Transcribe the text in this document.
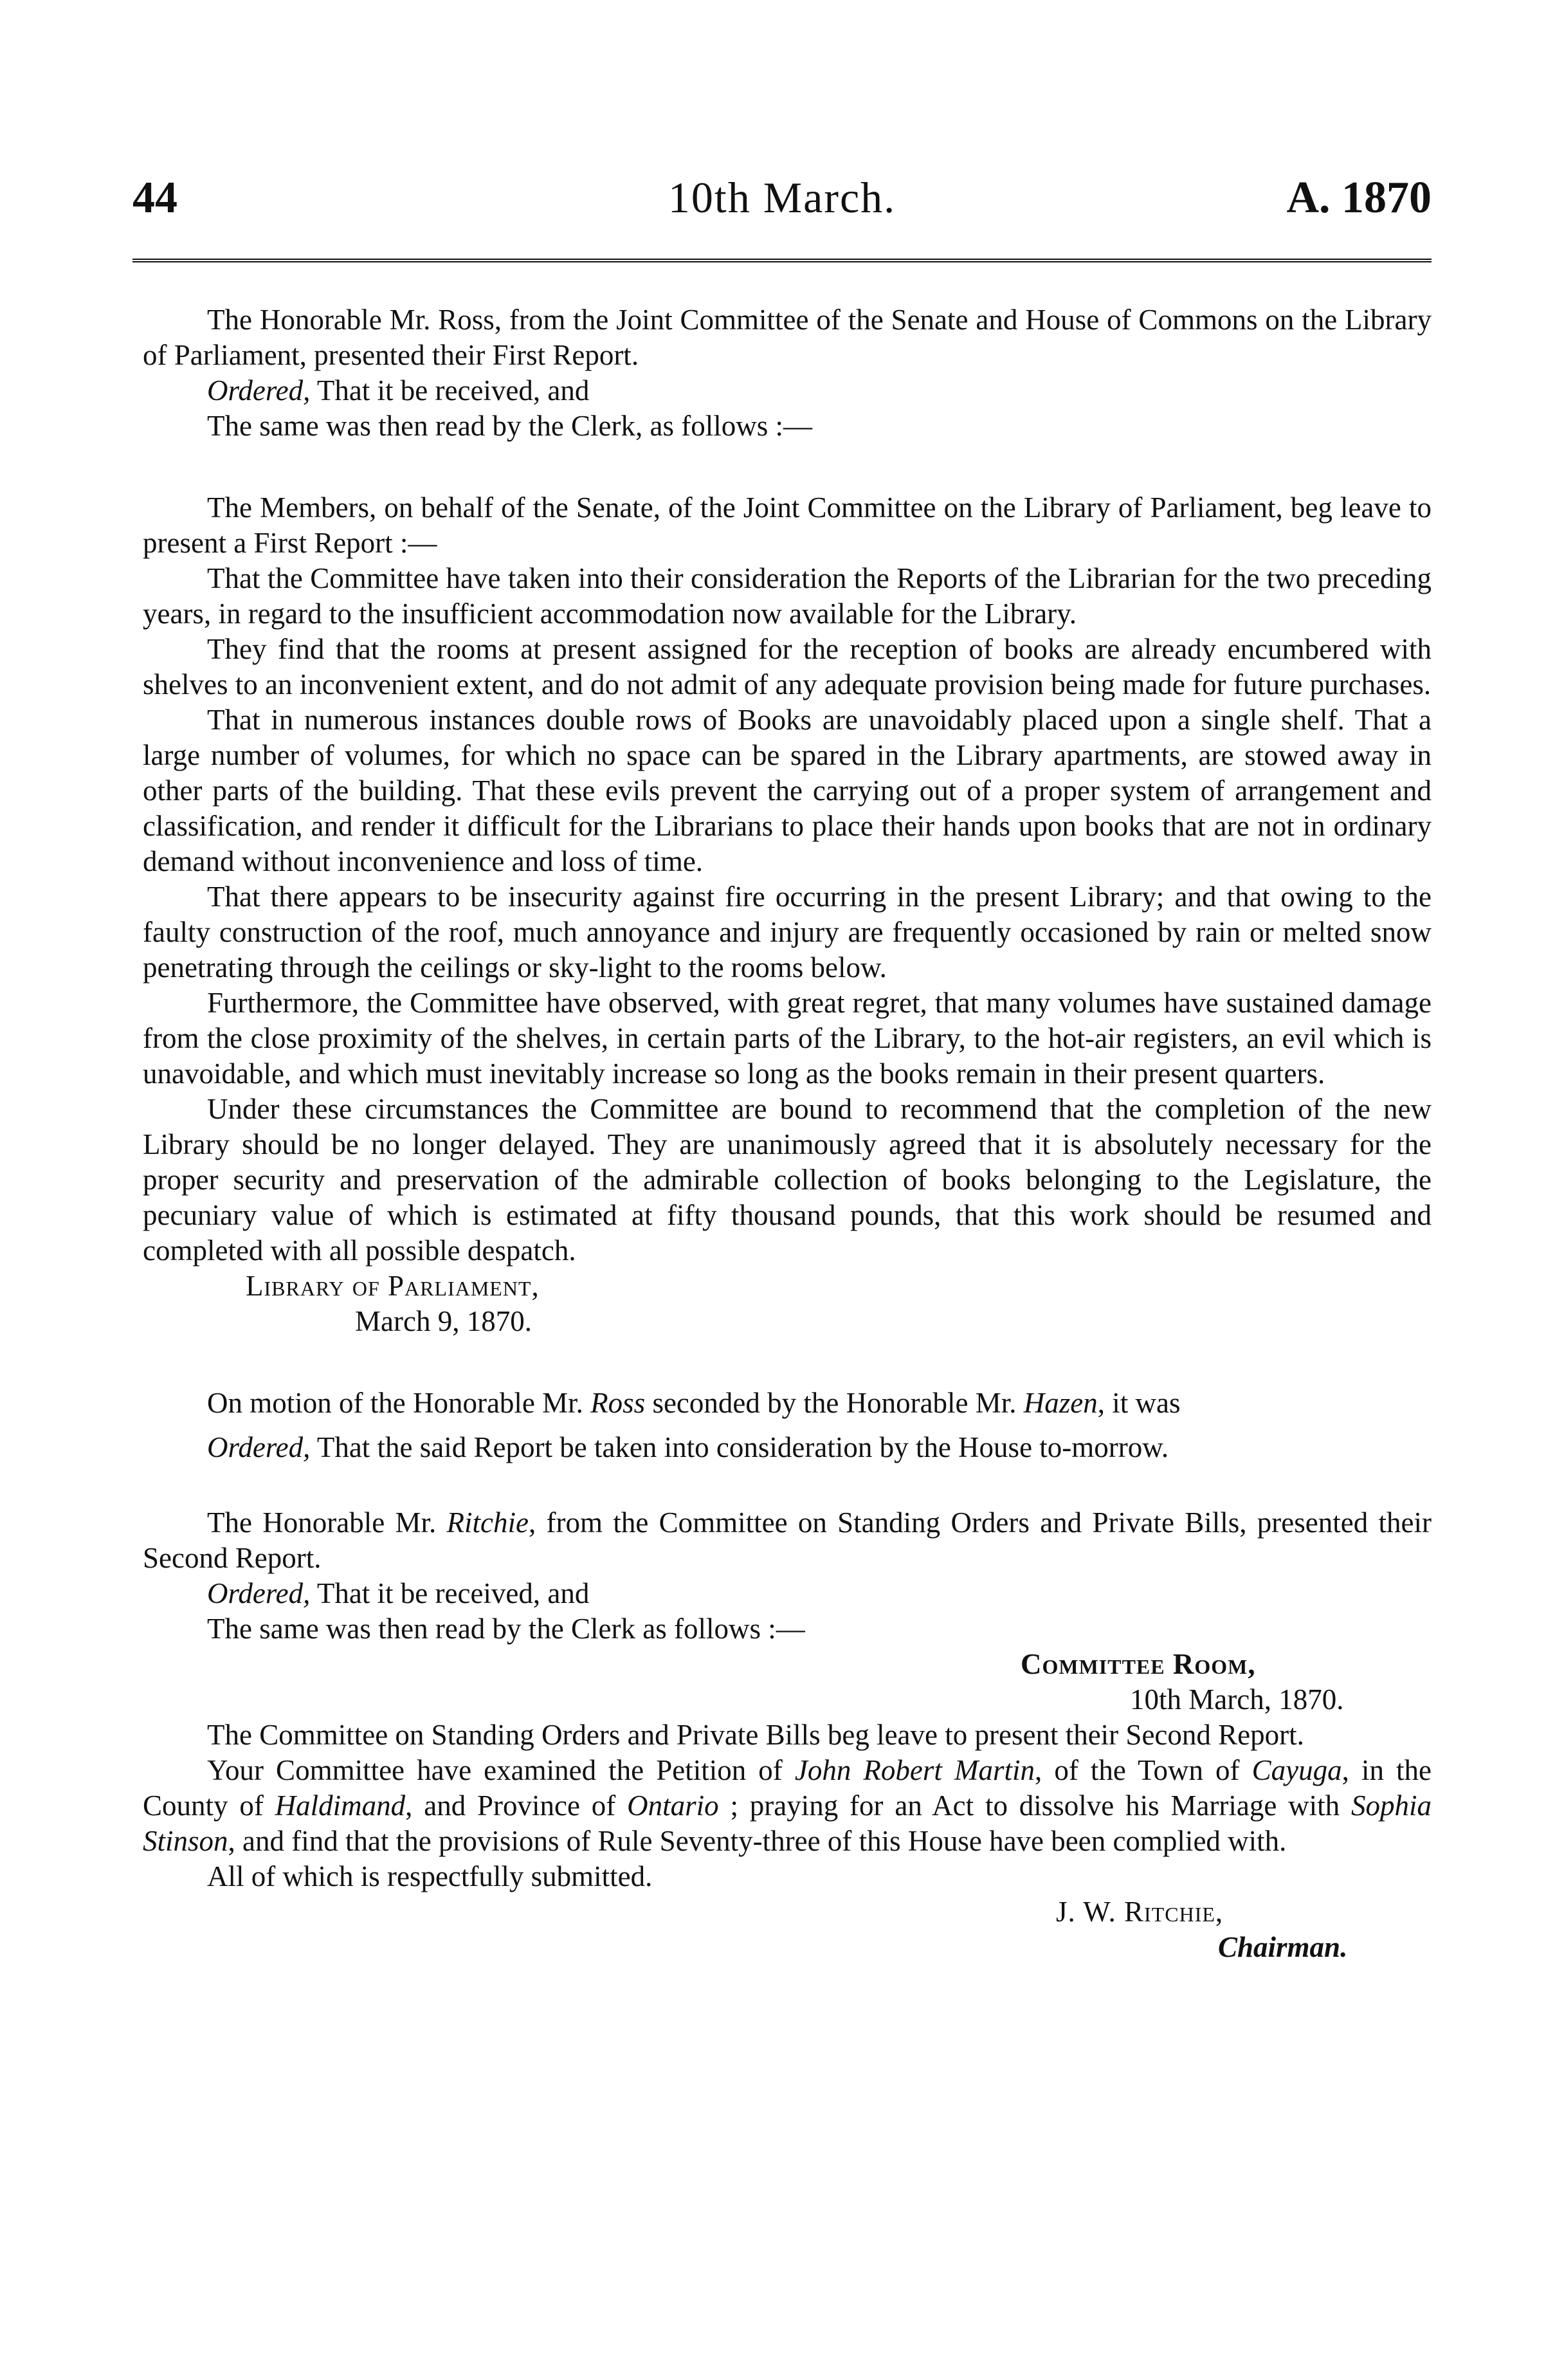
44	10th March.	A. 1870

The Honorable Mr. Ross, from the Joint Committee of the Senate and House of Commons on the Library of Parliament, presented their First Report.

Ordered, That it be received, and

The same was then read by the Clerk, as follows :—

The Members, on behalf of the Senate, of the Joint Committee on the Library of Parliament, beg leave to present a First Report :—

That the Committee have taken into their consideration the Reports of the Librarian for the two preceding years, in regard to the insufficient accommodation now available for the Library.

They find that the rooms at present assigned for the reception of books are already encumbered with shelves to an inconvenient extent, and do not admit of any adequate provision being made for future purchases.

That in numerous instances double rows of Books are unavoidably placed upon a single shelf. That a large number of volumes, for which no space can be spared in the Library apartments, are stowed away in other parts of the building. That these evils prevent the carrying out of a proper system of arrangement and classification, and render it difficult for the Librarians to place their hands upon books that are not in ordinary demand without inconvenience and loss of time.

That there appears to be insecurity against fire occurring in the present Library; and that owing to the faulty construction of the roof, much annoyance and injury are frequently occasioned by rain or melted snow penetrating through the ceilings or sky-light to the rooms below.

Furthermore, the Committee have observed, with great regret, that many volumes have sustained damage from the close proximity of the shelves, in certain parts of the Library, to the hot-air registers, an evil which is unavoidable, and which must inevitably increase so long as the books remain in their present quarters.

Under these circumstances the Committee are bound to recommend that the completion of the new Library should be no longer delayed. They are unanimously agreed that it is absolutely necessary for the proper security and preservation of the admirable collection of books belonging to the Legislature, the pecuniary value of which is estimated at fifty thousand pounds, that this work should be resumed and completed with all possible despatch.

Library of Parliament,
March 9, 1870.

On motion of the Honorable Mr. Ross seconded by the Honorable Mr. Hazen, it was

Ordered, That the said Report be taken into consideration by the House to-morrow.

The Honorable Mr. Ritchie, from the Committee on Standing Orders and Private Bills, presented their Second Report.

Ordered, That it be received, and

The same was then read by the Clerk as follows :—

Committee Room,
10th March, 1870.

The Committee on Standing Orders and Private Bills beg leave to present their Second Report.

Your Committee have examined the Petition of John Robert Martin, of the Town of Cayuga, in the County of Haldimand, and Province of Ontario ; praying for an Act to dissolve his Marriage with Sophia Stinson, and find that the provisions of Rule Seventy-three of this House have been complied with.

All of which is respectfully submitted.

J. W. Ritchie,
Chairman.
